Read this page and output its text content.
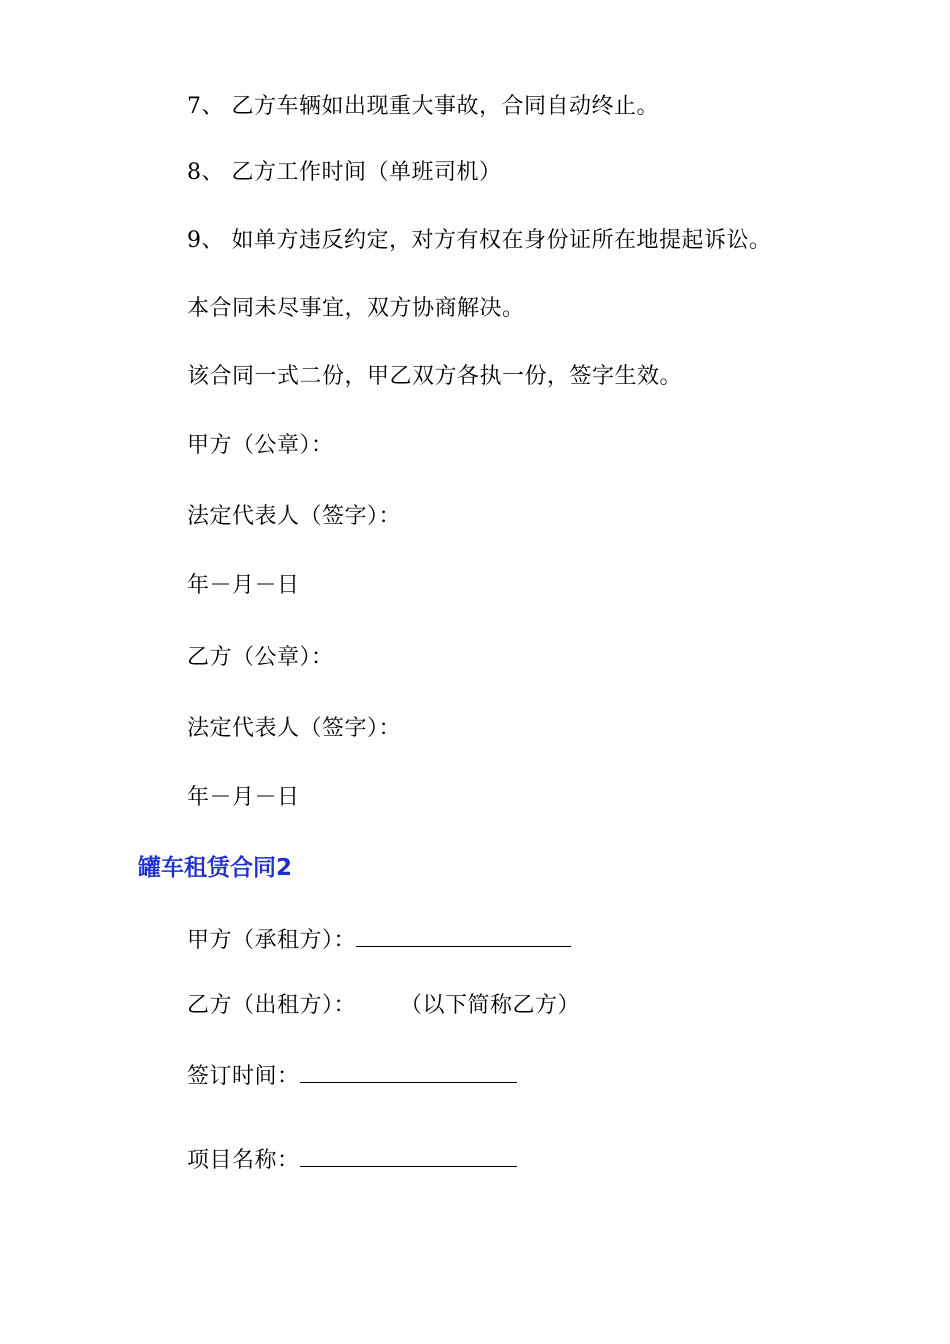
7、 乙方车辆如出现重大事故，合同自动终止。
8、 乙方工作时间（单班司机）
9、 如单方违反约定，对方有权在身份证所在地提起诉讼。
本合同未尽事宜，双方协商解决。
该合同一式二份，甲乙双方各执一份，签字生效。
甲方（公章）：
法定代表人（签字）：
年－月－日
乙方（公章）：
法定代表人（签字）：
年－月－日
罐车租赁合同2
甲方（承租方）：
乙方（出租方）： （以下简称乙方）
签订时间：
项目名称：
